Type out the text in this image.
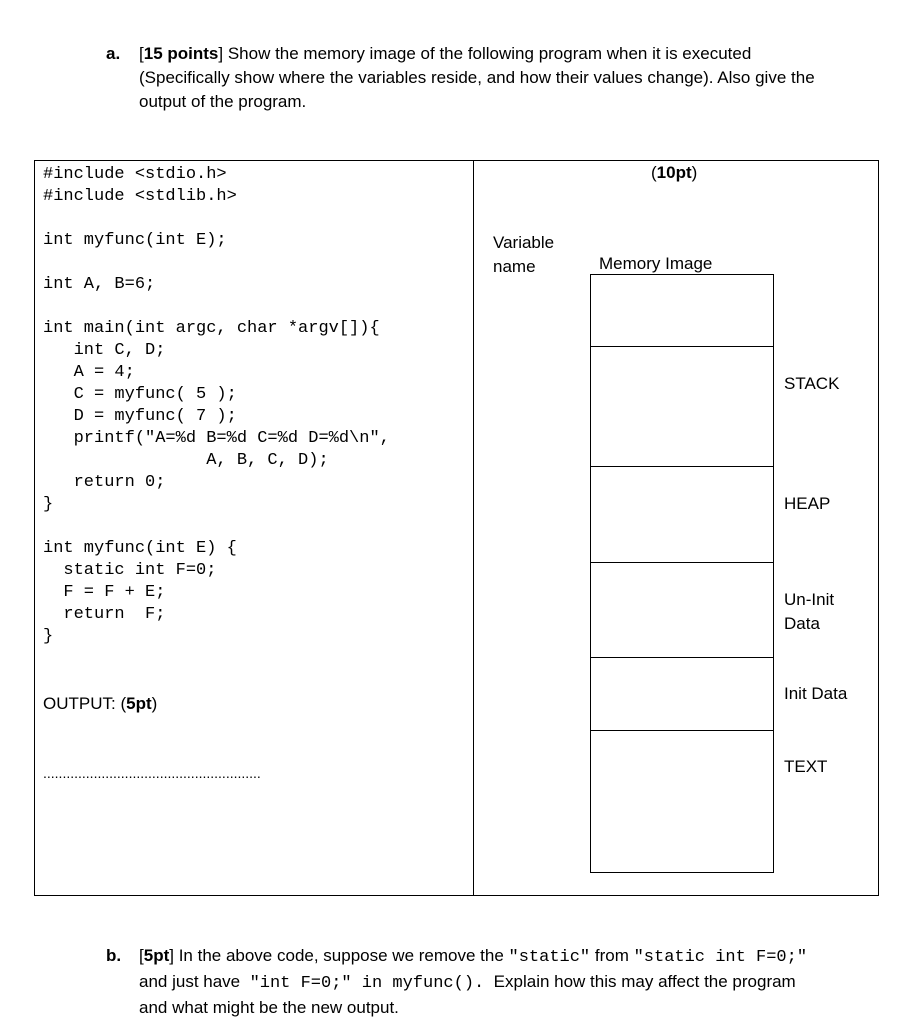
a. [15 points] Show the memory image of the following program when it is executed
(Specifically show where the variables reside, and how their values change). Also give the
output of the program.
#include <stdio.h>
#include <stdlib.h>
int myfunc(int E);
int A, B=6;
int main(int argc, char *argv[]){
int C, D;
A = 4;
C = myfunc( 5 );
D = myfunc( 7 );
printf("A=%d B=%d C=%d D=%d\n",
A, B, C, D);
return 0;
}
int myfunc(int E) {
static int F=0;
F = F + E;
return  F;
}
OUTPUT: (5pt)
........................................................
(10pt)
Variable
name	Memory Image
STACK
HEAP
Un-Init
Data
Init Data
TEXT
b. [5pt] In the above code, suppose we remove the "static" from "static int F=0;"
and just have  "int F=0;" in myfunc().  Explain how this may affect the program
and what might be the new output.
